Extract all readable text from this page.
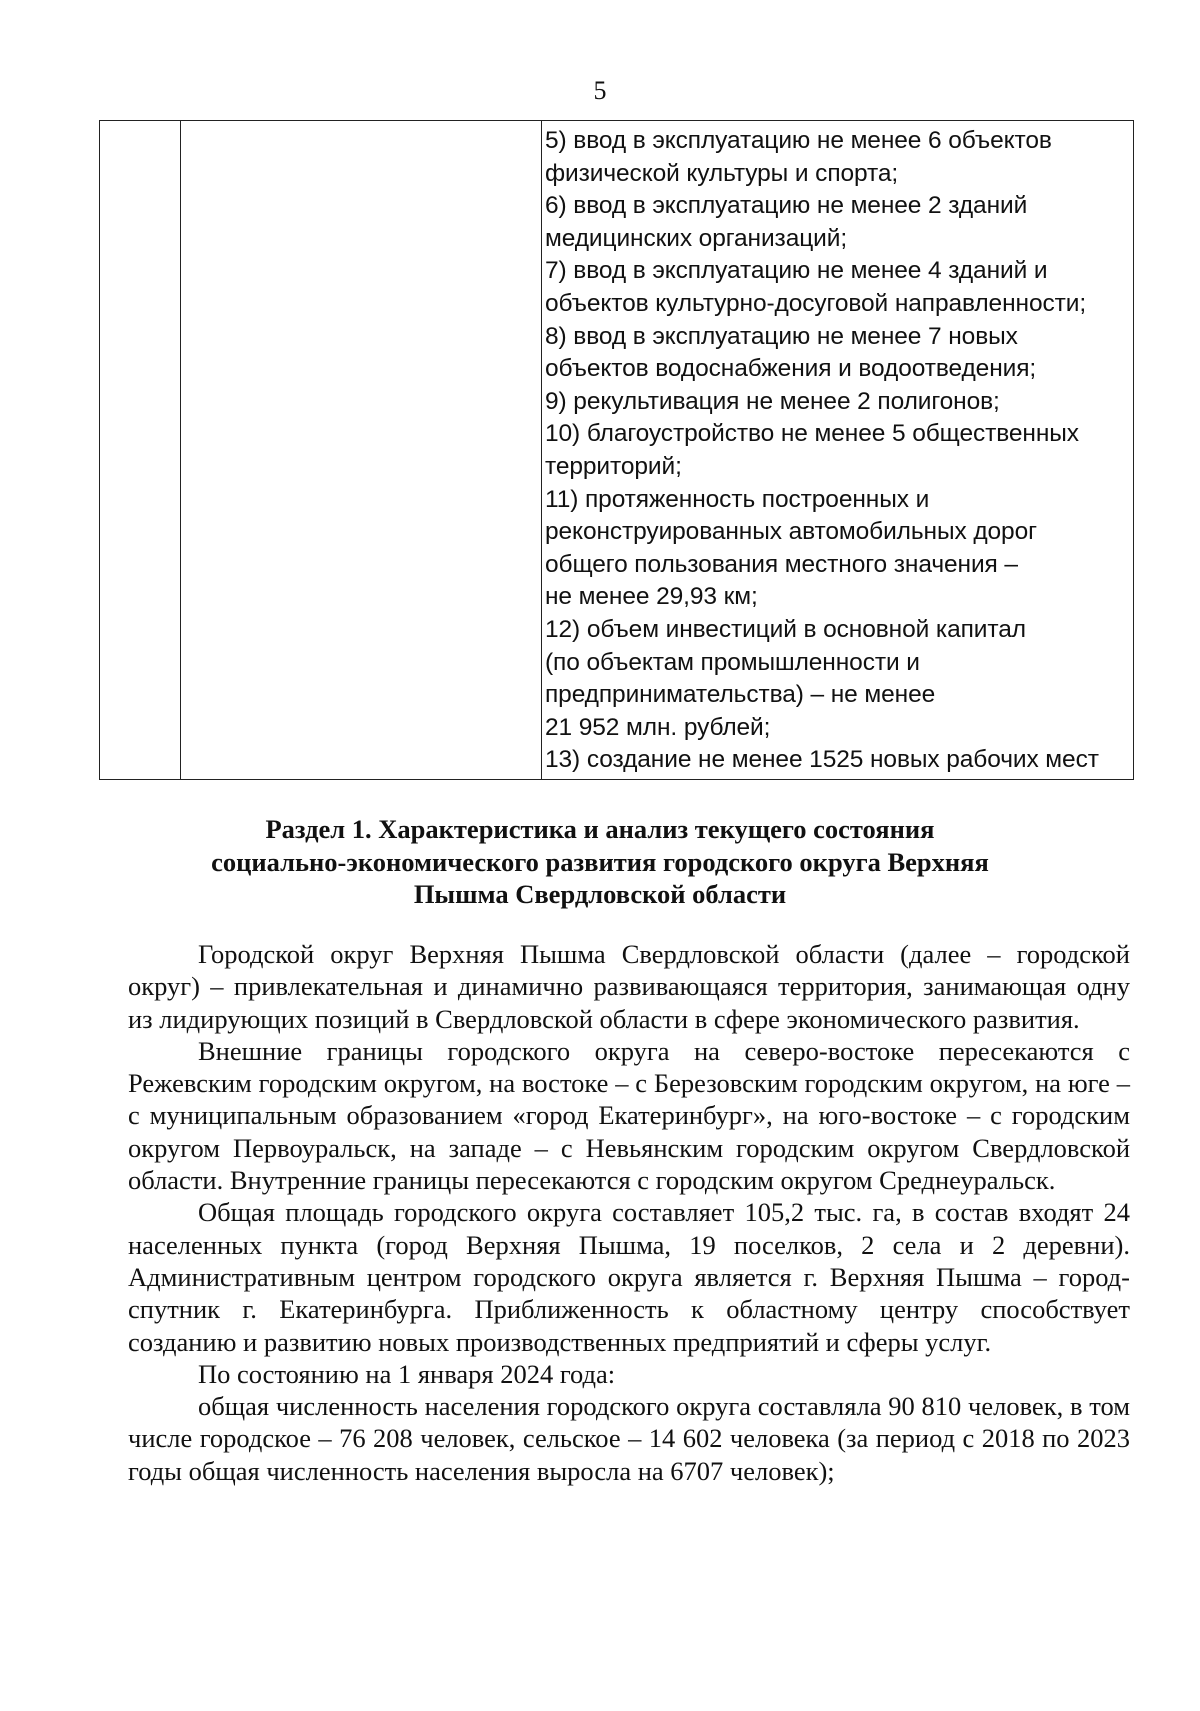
5

5) ввод в эксплуатацию не менее 6 объектов
физической культуры и спорта;
6) ввод в эксплуатацию не менее 2 зданий
медицинских организаций;
7) ввод в эксплуатацию не менее 4 зданий и
объектов культурно-досуговой направленности;
8) ввод в эксплуатацию не менее 7 новых
объектов водоснабжения и водоотведения;
9) рекультивация не менее 2 полигонов;
10) благоустройство не менее 5 общественных
территорий;
11) протяженность построенных и
реконструированных автомобильных дорог
общего пользования местного значения –
не менее 29,93 км;
12) объем инвестиций в основной капитал
(по объектам промышленности и
предпринимательства) – не менее
21 952 млн. рублей;
13) создание не менее 1525 новых рабочих мест
Раздел 1. Характеристика и анализ текущего состояния
социально-экономического развития городского округа Верхняя
Пышма Свердловской области

Городской округ Верхняя Пышма Свердловской области (далее – городской округ) – привлекательная и динамично развивающаяся территория, занимающая одну из лидирующих позиций в Свердловской области в сфере экономического развития.

Внешние границы городского округа на северо-востоке пересекаются с Режевским городским округом, на востоке – с Березовским городским округом, на юге – с муниципальным образованием «город Екатеринбург», на юго-востоке – с городским округом Первоуральск, на западе – с Невьянским городским округом Свердловской области. Внутренние границы пересекаются с городским округом Среднеуральск.

Общая площадь городского округа составляет 105,2 тыс. га, в состав входят 24 населенных пункта (город Верхняя Пышма, 19 поселков, 2 села и 2 деревни). Административным центром городского округа является г. Верхняя Пышма – город-спутник г. Екатеринбурга. Приближенность к областному центру способствует созданию и развитию новых производственных предприятий и сферы услуг.

По состоянию на 1 января 2024 года:

общая численность населения городского округа составляла 90 810 человек, в том числе городское – 76 208 человек, сельское – 14 602 человека (за период с 2018 по 2023 годы общая численность населения выросла на 6707 человек);
